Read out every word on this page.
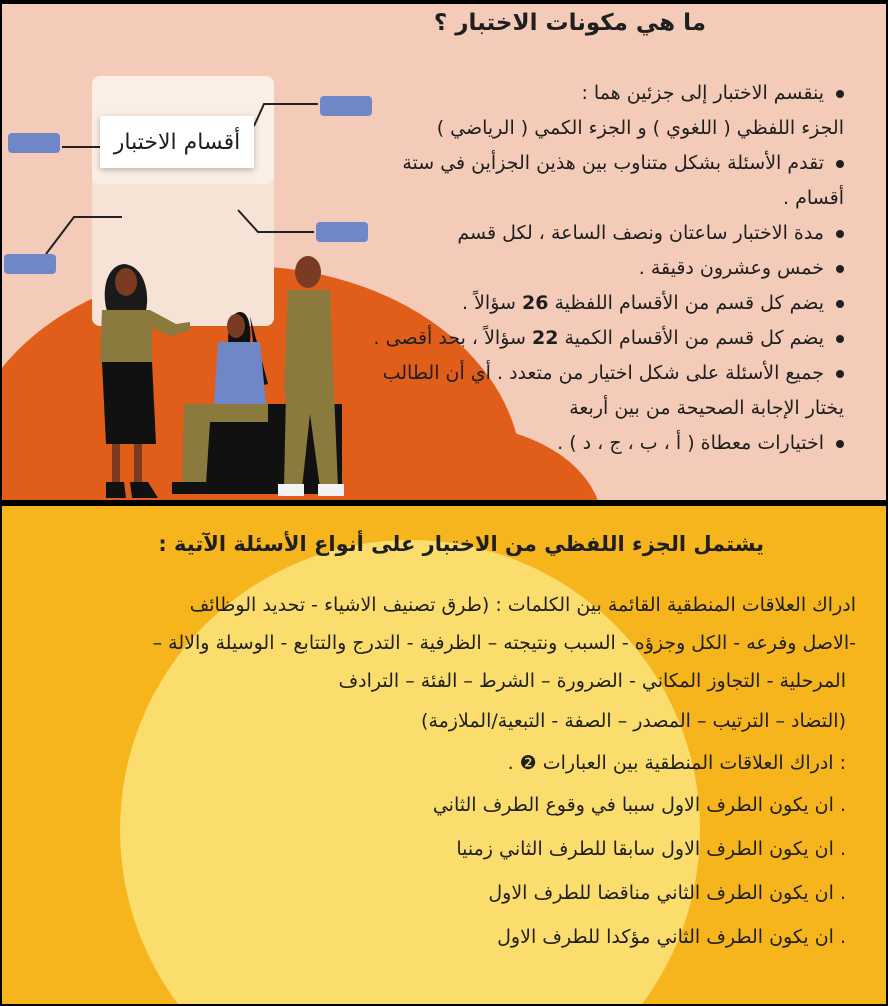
أقسام الاختبار
ما هي مكونات الاختبار ؟
ينقسم الاختبار إلى جزئين هما :
الجزء اللفظي ( اللغوي ) و الجزء الكمي ( الرياضي )
تقدم الأسئلة بشكل متناوب بين هذين الجزأين في ستة
أقسام .
مدة الاختبار ساعتان ونصف الساعة ، لكل قسم
خمس وعشرون دقيقة .
يضم كل قسم من الأقسام اللفظية 26 سؤالاً .
يضم كل قسم من الأقسام الكمية 22 سؤالاً ، بحد أقصى .
جميع الأسئلة على شكل اختيار من متعدد . أي أن الطالب
يختار الإجابة الصحيحة من بين أربعة
اختيارات معطاة ( أ ، ب ، ج ، د ) .
يشتمل الجزء اللفظي من الاختبار على أنواع الأسئلة الآتية :
ادراك العلاقات المنطقية القائمة بين الكلمات : (طرق تصنيف الاشياء - تحديد الوظائف
-الاصل وفرعه - الكل وجزؤه - السبب ونتيجته – الظرفية - التدرج والتتابع - الوسيلة والالة –
المرحلية - التجاوز المكاني - الضرورة – الشرط – الفئة – الترادف
(التضاد – الترتيب – المصدر – الصفة - التبعية/الملازمة)
: ادراك العلاقات المنطقية بين العبارات ❷ .
. ان يكون الطرف الاول سببا في وقوع الطرف الثاني
. ان يكون الطرف الاول سابقا للطرف الثاني زمنيا
. ان يكون الطرف الثاني مناقضا للطرف الاول
. ان يكون الطرف الثاني مؤكدا للطرف الاول
